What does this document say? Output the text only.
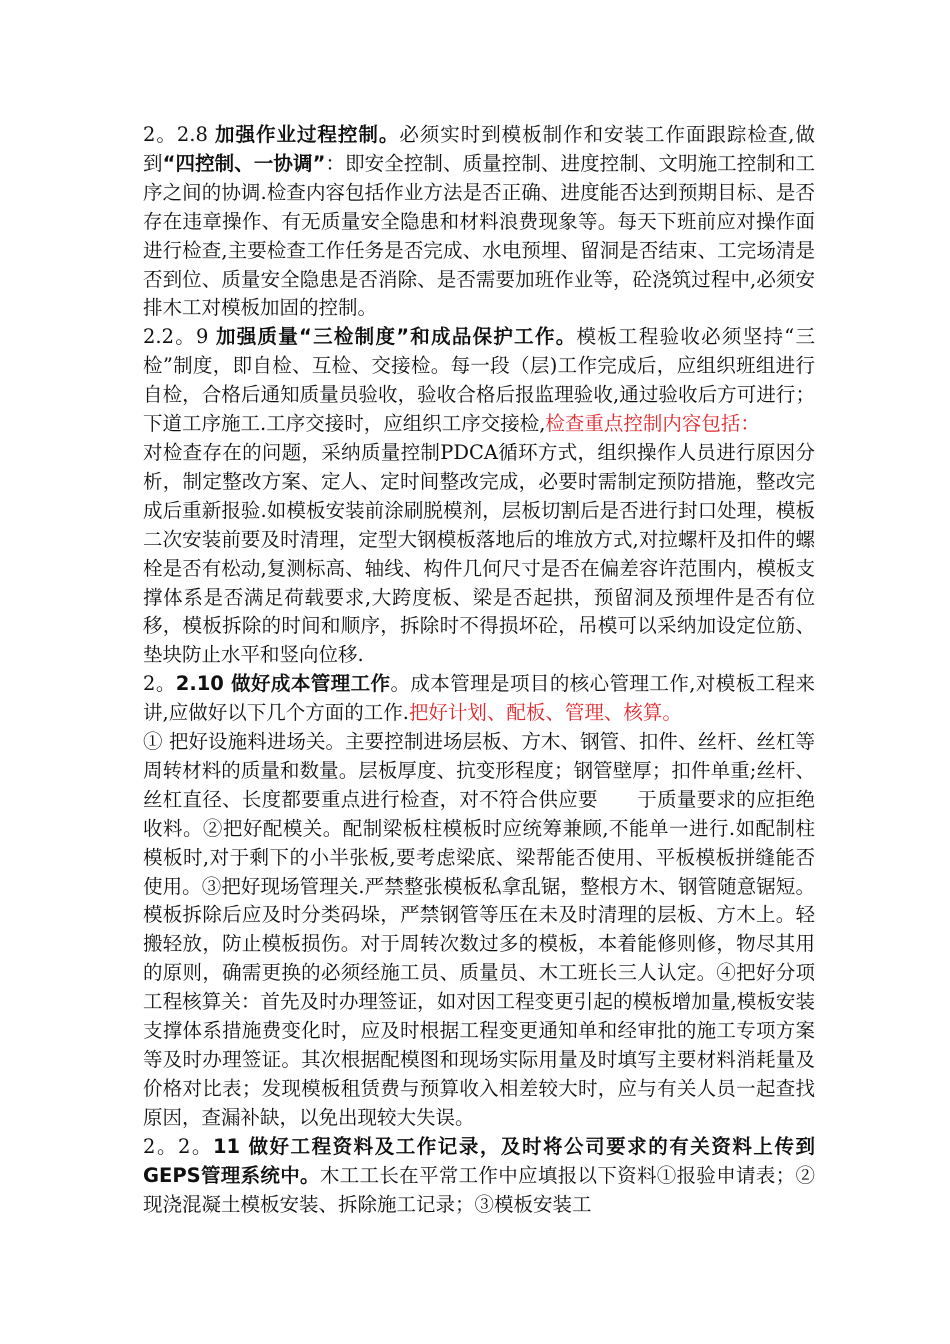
2。2.8 加强作业过程控制。必须实时到模板制作和安装工作面跟踪检查,做到“四控制、一协调”：即安全控制、质量控制、进度控制、文明施工控制和工序之间的协调.检查内容包括作业方法是否正确、进度能否达到预期目标、是否存在违章操作、有无质量安全隐患和材料浪费现象等。每天下班前应对操作面进行检查,主要检查工作任务是否完成、水电预埋、留洞是否结束、工完场清是否到位、质量安全隐患是否消除、是否需要加班作业等，砼浇筑过程中,必须安排木工对模板加固的控制。

2.2。9 加强质量“三检制度”和成品保护工作。模板工程验收必须坚持“三检”制度，即自检、互检、交接检。每一段（层)工作完成后，应组织班组进行自检，合格后通知质量员验收，验收合格后报监理验收,通过验收后方可进行；下道工序施工.工序交接时，应组织工序交接检,检查重点控制内容包括：

对检查存在的问题，采纳质量控制PDCA循环方式，组织操作人员进行原因分析，制定整改方案、定人、定时间整改完成，必要时需制定预防措施，整改完成后重新报验.如模板安装前涂刷脱模剂，层板切割后是否进行封口处理，模板二次安装前要及时清理，定型大钢模板落地后的堆放方式,对拉螺杆及扣件的螺栓是否有松动,复测标高、轴线、构件几何尺寸是否在偏差容许范围内，模板支撑体系是否满足荷载要求,大跨度板、梁是否起拱，预留洞及预埋件是否有位移，模板拆除的时间和顺序，拆除时不得损坏砼，吊模可以采纳加设定位筋、垫块防止水平和竖向位移.

2。2.10 做好成本管理工作。成本管理是项目的核心管理工作,对模板工程来讲,应做好以下几个方面的工作.把好计划、配板、管理、核算。

① 把好设施料进场关。主要控制进场层板、方木、钢管、扣件、丝杆、丝杠等周转材料的质量和数量。层板厚度、抗变形程度；钢管壁厚；扣件单重;丝杆、丝杠直径、长度都要重点进行检查，对不符合供应要　　 于质量要求的应拒绝收料。②把好配模关。配制梁板柱模板时应统筹兼顾,不能单一进行.如配制柱模板时,对于剩下的小半张板,要考虑梁底、梁帮能否使用、平板模板拼缝能否使用。③把好现场管理关.严禁整张模板私拿乱锯，整根方木、钢管随意锯短。模板拆除后应及时分类码垛，严禁钢管等压在未及时清理的层板、方木上。轻搬轻放，防止模板损伤。对于周转次数过多的模板，本着能修则修，物尽其用的原则，确需更换的必须经施工员、质量员、木工班长三人认定。④把好分项工程核算关：首先及时办理签证，如对因工程变更引起的模板增加量,模板安装支撑体系措施费变化时，应及时根据工程变更通知单和经审批的施工专项方案等及时办理签证。其次根据配模图和现场实际用量及时填写主要材料消耗量及价格对比表；发现模板租赁费与预算收入相差较大时，应与有关人员一起查找原因，查漏补缺，以免出现较大失误。

2。2。11 做好工程资料及工作记录，及时将公司要求的有关资料上传到GEPS管理系统中。木工工长在平常工作中应填报以下资料①报验申请表；②现浇混凝土模板安装、拆除施工记录；③模板安装工
